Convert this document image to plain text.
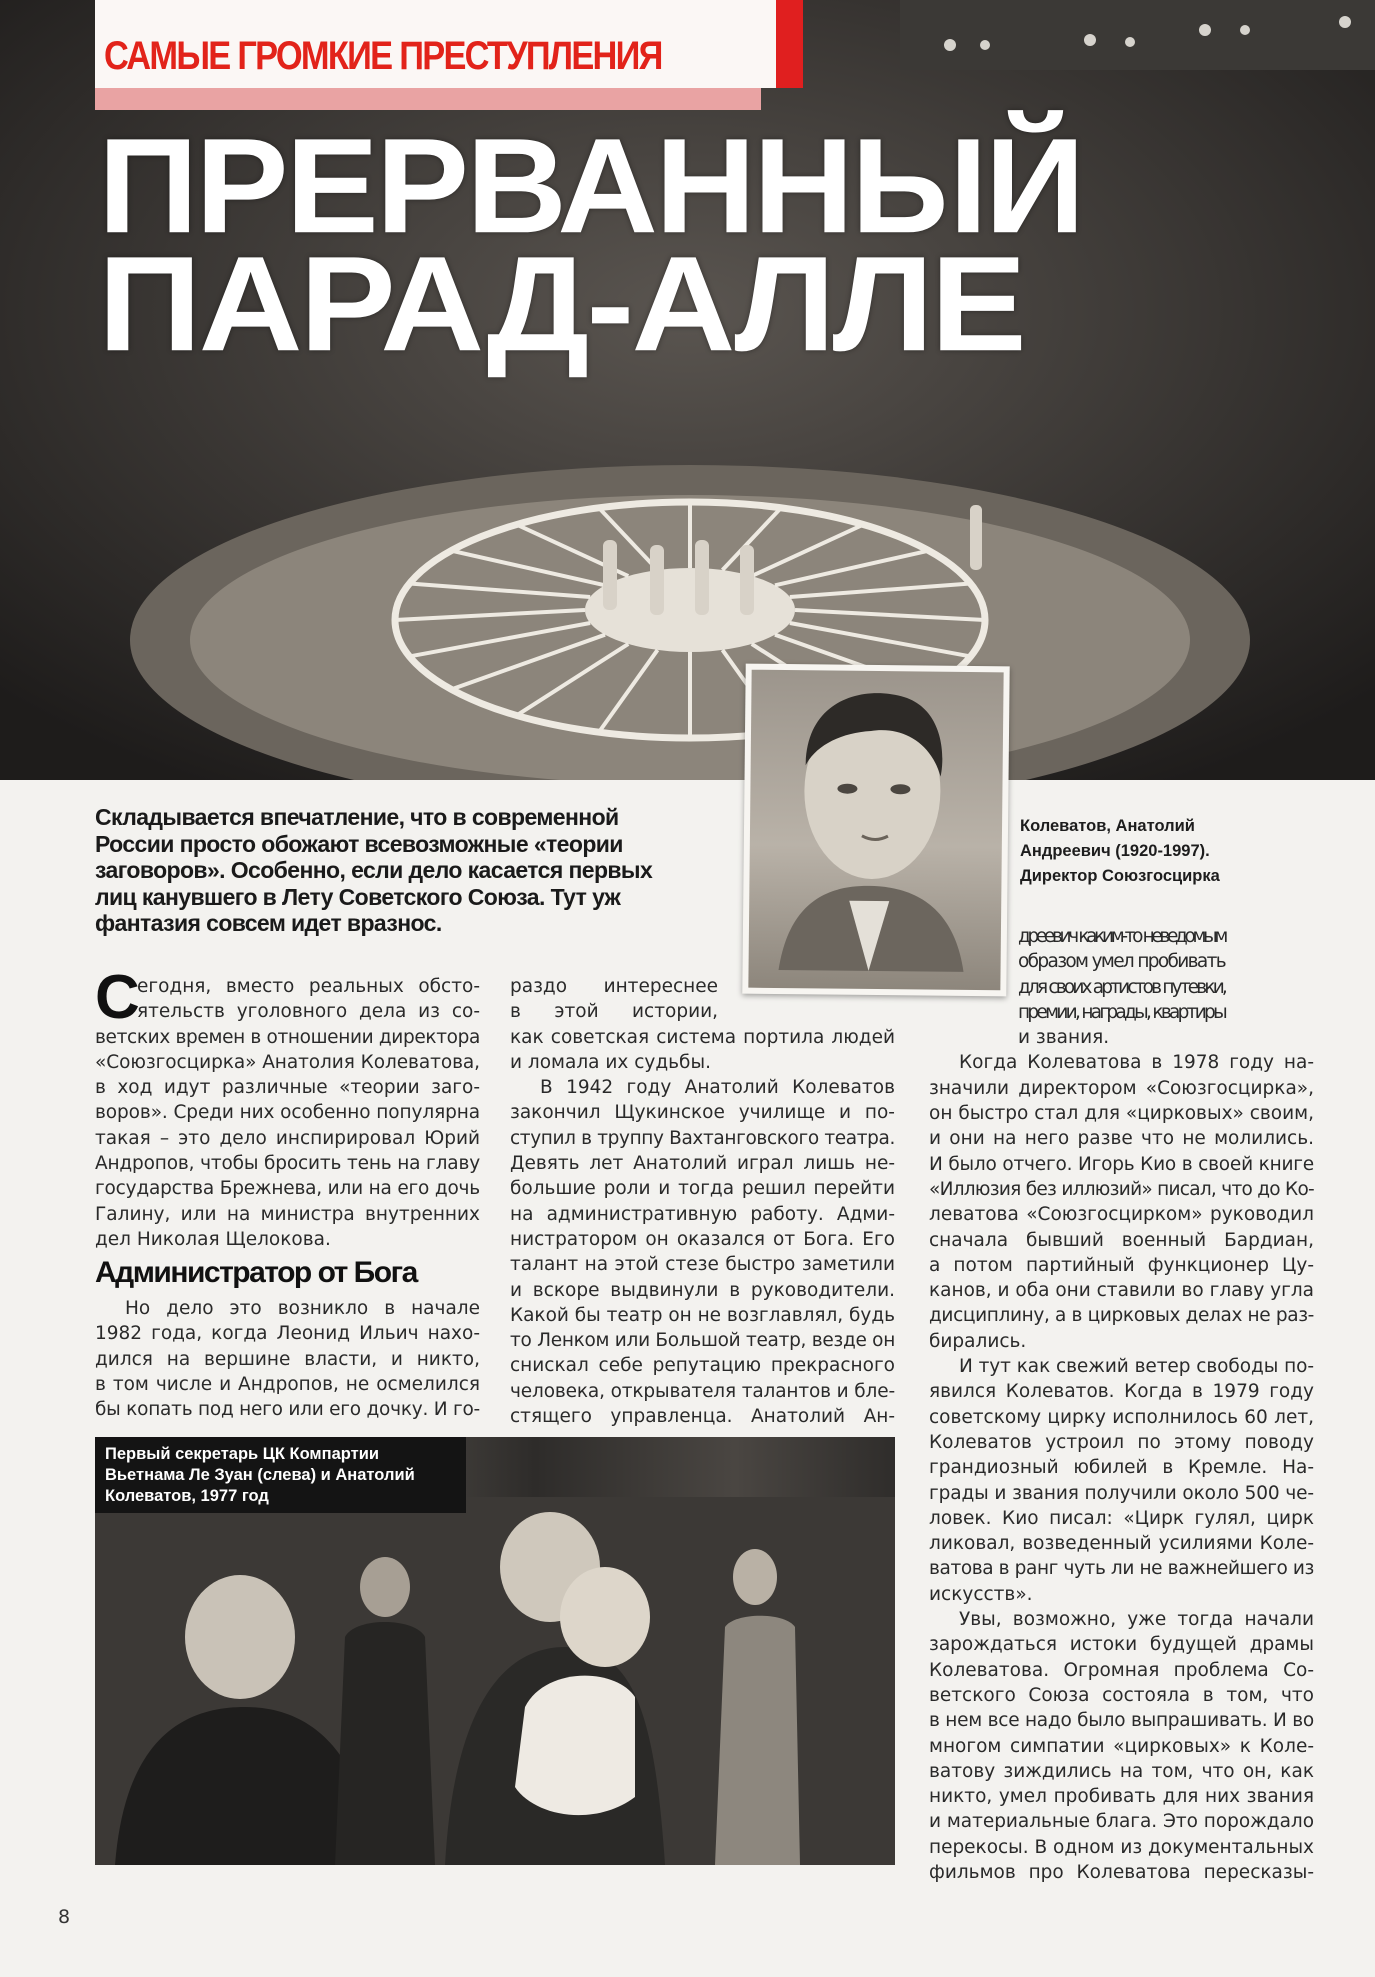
САМЫЕ ГРОМКИЕ ПРЕСТУПЛЕНИЯ
ПРЕРВАННЫЙ
ПАРАД-АЛЛЕ
Складывается впечатление, что в современной
России просто обожают всевозможные «теории
заговоров». Особенно, если дело касается первых
лиц канувшего в Лету Советского Союза. Тут уж
фантазия совсем идет вразнос.
Колеватов, Анатолий
Андреевич (1920-1997).
Директор Союзгосцирка
С
егодня, вместо реальных обсто-
ятельств уголовного дела из со-
ветских времен в отношении директора
«Союзгосцирка» Анатолия Колеватова,
в ход идут различные «теории заго-
воров». Среди них особенно популярна
такая – это дело инспирировал Юрий
Андропов, чтобы бросить тень на главу
государства Брежнева, или на его дочь
Галину, или на министра внутренних
дел Николая Щелокова.
Администратор от Бога
Но дело это возникло в начале
1982 года, когда Леонид Ильич нахо-
дился на вершине власти, и никто,
в том числе и Андропов, не осмелился
бы копать под него или его дочку. И го-
раздо интереснее
в этой истории,
как советская система портила людей
и ломала их судьбы.
В 1942 году Анатолий Колеватов
закончил Щукинское училище и по-
ступил в труппу Вахтанговского театра.
Девять лет Анатолий играл лишь не-
большие роли и тогда решил перейти
на административную работу. Адми-
нистратором он оказался от Бога. Его
талант на этой стезе быстро заметили
и вскоре выдвинули в руководители.
Какой бы театр он не возглавлял, будь
то Ленком или Большой театр, везде он
снискал себе репутацию прекрасного
человека, открывателя талантов и бле-
стящего управленца. Анатолий Ан-
дреевич каким-то неведомым
образом умел пробивать
для своих артистов путевки,
премии, награды, квартиры
и звания.
Когда Колеватова в 1978 году на-
значили директором «Союзгосцирка»,
он быстро стал для «цирковых» своим,
и они на него разве что не молились.
И было отчего. Игорь Кио в своей книге
«Иллюзия без иллюзий» писал, что до Ко-
леватова «Союзгосцирком» руководил
сначала бывший военный Бардиан,
а потом партийный функционер Цу-
канов, и оба они ставили во главу угла
дисциплину, а в цирковых делах не раз-
бирались.
И тут как свежий ветер свободы по-
явился Колеватов. Когда в 1979 году
советскому цирку исполнилось 60 лет,
Колеватов устроил по этому поводу
грандиозный юбилей в Кремле. На-
грады и звания получили около 500 че-
ловек. Кио писал: «Цирк гулял, цирк
ликовал, возведенный усилиями Коле-
ватова в ранг чуть ли не важнейшего из
искусств».
Увы, возможно, уже тогда начали
зарождаться истоки будущей драмы
Колеватова. Огромная проблема Со-
ветского Союза состояла в том, что
в нем все надо было выпрашивать. И во
многом симпатии «цирковых» к Коле-
ватову зиждились на том, что он, как
никто, умел пробивать для них звания
и материальные блага. Это порождало
перекосы. В одном из документальных
фильмов про Колеватова пересказы-
Первый секретарь ЦК Компартии
Вьетнама Ле Зуан (слева) и Анатолий
Колеватов, 1977 год
8
